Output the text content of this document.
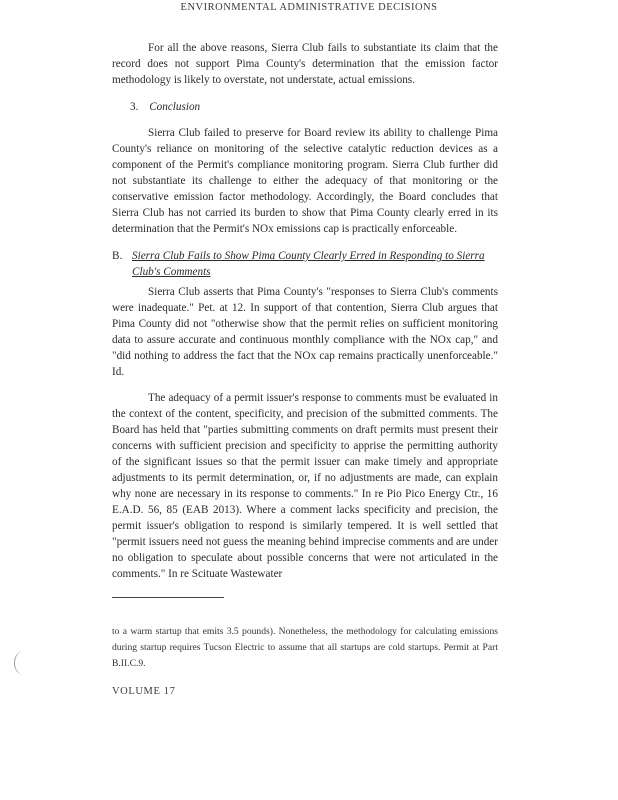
ENVIRONMENTAL ADMINISTRATIVE DECISIONS

For all the above reasons, Sierra Club fails to substantiate its claim that the record does not support Pima County's determination that the emission factor methodology is likely to overstate, not understate, actual emissions.

3. Conclusion

Sierra Club failed to preserve for Board review its ability to challenge Pima County's reliance on monitoring of the selective catalytic reduction devices as a component of the Permit's compliance monitoring program. Sierra Club further did not substantiate its challenge to either the adequacy of that monitoring or the conservative emission factor methodology. Accordingly, the Board concludes that Sierra Club has not carried its burden to show that Pima County clearly erred in its determination that the Permit's NOx emissions cap is practically enforceable.

B. Sierra Club Fails to Show Pima County Clearly Erred in Responding to Sierra Club's Comments

Sierra Club asserts that Pima County's "responses to Sierra Club's comments were inadequate." Pet. at 12. In support of that contention, Sierra Club argues that Pima County did not "otherwise show that the permit relies on sufficient monitoring data to assure accurate and continuous monthly compliance with the NOx cap," and "did nothing to address the fact that the NOx cap remains practically unenforceable." Id.

The adequacy of a permit issuer's response to comments must be evaluated in the context of the content, specificity, and precision of the submitted comments. The Board has held that "parties submitting comments on draft permits must present their concerns with sufficient precision and specificity to apprise the permitting authority of the significant issues so that the permit issuer can make timely and appropriate adjustments to its permit determination, or, if no adjustments are made, can explain why none are necessary in its response to comments." In re Pio Pico Energy Ctr., 16 E.A.D. 56, 85 (EAB 2013). Where a comment lacks specificity and precision, the permit issuer's obligation to respond is similarly tempered. It is well settled that "permit issuers need not guess the meaning behind imprecise comments and are under no obligation to speculate about possible concerns that were not articulated in the comments." In re Scituate Wastewater

to a warm startup that emits 3.5 pounds). Nonetheless, the methodology for calculating emissions during startup requires Tucson Electric to assume that all startups are cold startups. Permit at Part B.II.C.9.

VOLUME 17
